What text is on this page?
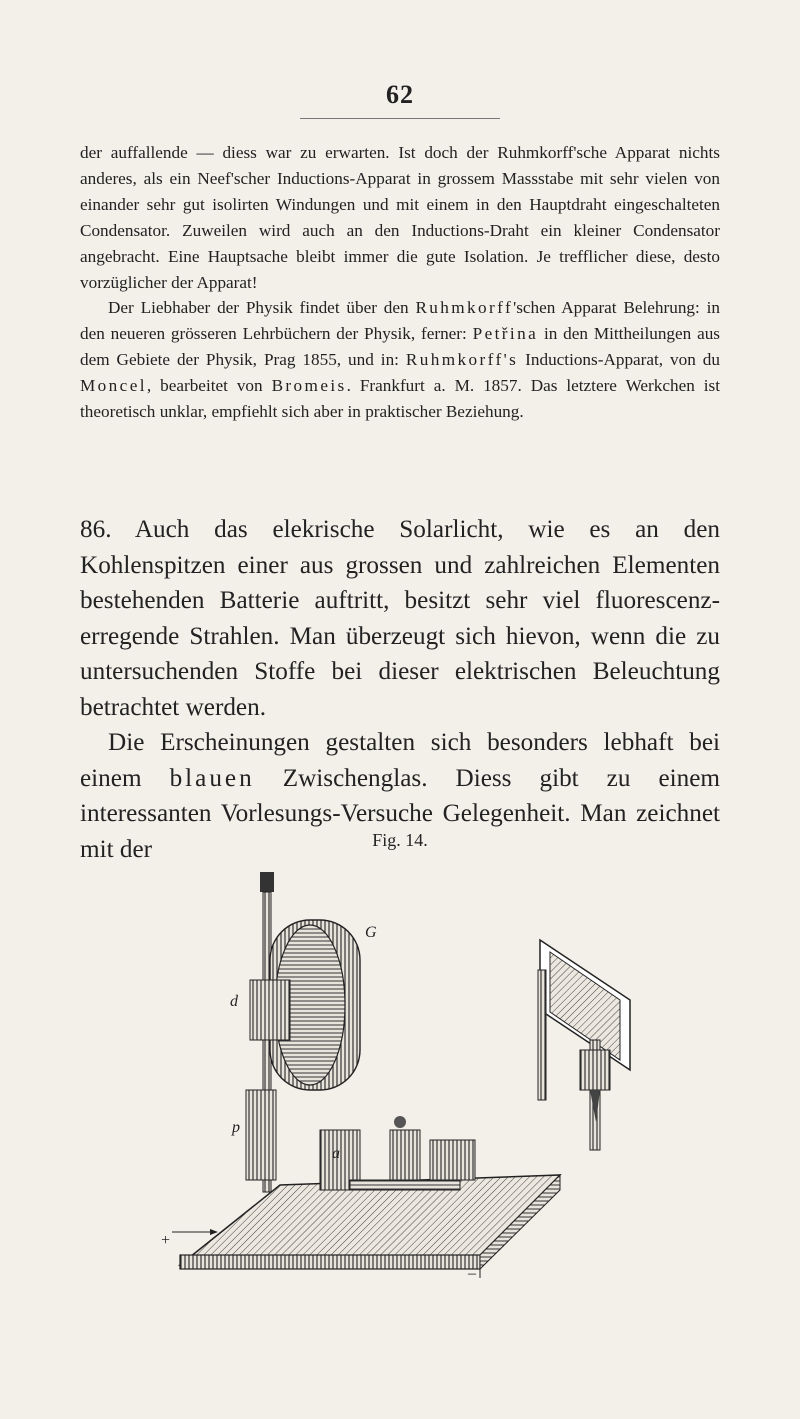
62

der auffallende — diess war zu erwarten. Ist doch der Ruhmkorff'sche Apparat nichts anderes, als ein Neef'scher Inductions-Apparat in grossem Massstabe mit sehr vielen von einander sehr gut isolirten Windungen und mit einem in den Hauptdraht eingeschalteten Condensator. Zuweilen wird auch an den Inductions-Draht ein kleiner Condensator angebracht. Eine Hauptsache bleibt immer die gute Isolation. Je trefflicher diese, desto vorzüglicher der Apparat!

Der Liebhaber der Physik findet über den Ruhmkorff'schen Apparat Belehrung: in den neueren grösseren Lehrbüchern der Physik, ferner: Petřina in den Mittheilungen aus dem Gebiete der Physik, Prag 1855, und in: Ruhmkorff's Inductions-Apparat, von du Moncel, bearbeitet von Bromeis. Frankfurt a. M. 1857. Das letztere Werkchen ist theoretisch unklar, empfiehlt sich aber in praktischer Beziehung.

86. Auch das elekrische Solarlicht, wie es an den Kohlenspitzen einer aus grossen und zahlreichen Elementen bestehenden Batterie auftritt, besitzt sehr viel fluorescenz-erregende Strahlen. Man überzeugt sich hievon, wenn die zu untersuchenden Stoffe bei dieser elektrischen Beleuchtung betrachtet werden.

Die Erscheinungen gestalten sich besonders lebhaft bei einem blauen Zwischenglas. Diess gibt zu einem interessanten Vorlesungs-Versuche Gelegenheit. Man zeichnet mit der	Fig. 14.
G
d
p
a
+
–
